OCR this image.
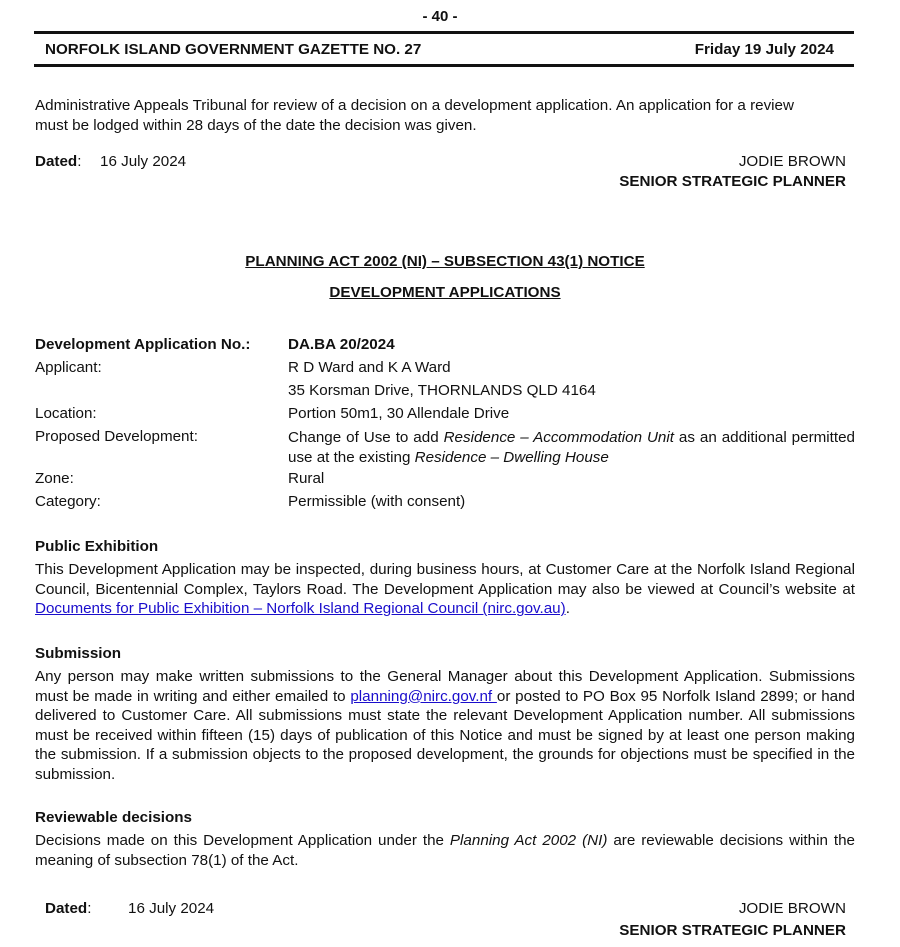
- 40 -
NORFOLK ISLAND GOVERNMENT GAZETTE NO. 27	Friday 19 July 2024
Administrative Appeals Tribunal for review of a decision on a development application. An application for a review
must be lodged within 28 days of the date the decision was given.
Dated: 16 July 2024	JODIE BROWN
SENIOR STRATEGIC PLANNER
PLANNING ACT 2002 (NI) – SUBSECTION 43(1) NOTICE
DEVELOPMENT APPLICATIONS
Development Application No.: DA.BA 20/2024
Applicant:	R D Ward and K A Ward
35 Korsman Drive, THORNLANDS QLD 4164
Location:	Portion 50m1, 30 Allendale Drive
Proposed Development:	Change of Use to add Residence – Accommodation Unit as an additional permitted use at the existing Residence – Dwelling House
Zone:	Rural
Category:	Permissible (with consent)
Public Exhibition
This Development Application may be inspected, during business hours, at Customer Care at the Norfolk Island Regional Council, Bicentennial Complex, Taylors Road. The Development Application may also be viewed at Council’s website at Documents for Public Exhibition – Norfolk Island Regional Council (nirc.gov.au).
Submission
Any person may make written submissions to the General Manager about this Development Application. Submissions must be made in writing and either emailed to planning@nirc.gov.nf or posted to PO Box 95 Norfolk Island 2899; or hand delivered to Customer Care. All submissions must state the relevant Development Application number. All submissions must be received within fifteen (15) days of publication of this Notice and must be signed by at least one person making the submission. If a submission objects to the proposed development, the grounds for objections must be specified in the submission.
Reviewable decisions
Decisions made on this Development Application under the Planning Act 2002 (NI) are reviewable decisions within the meaning of subsection 78(1) of the Act.
Dated: 16 July 2024	JODIE BROWN
SENIOR STRATEGIC PLANNER
